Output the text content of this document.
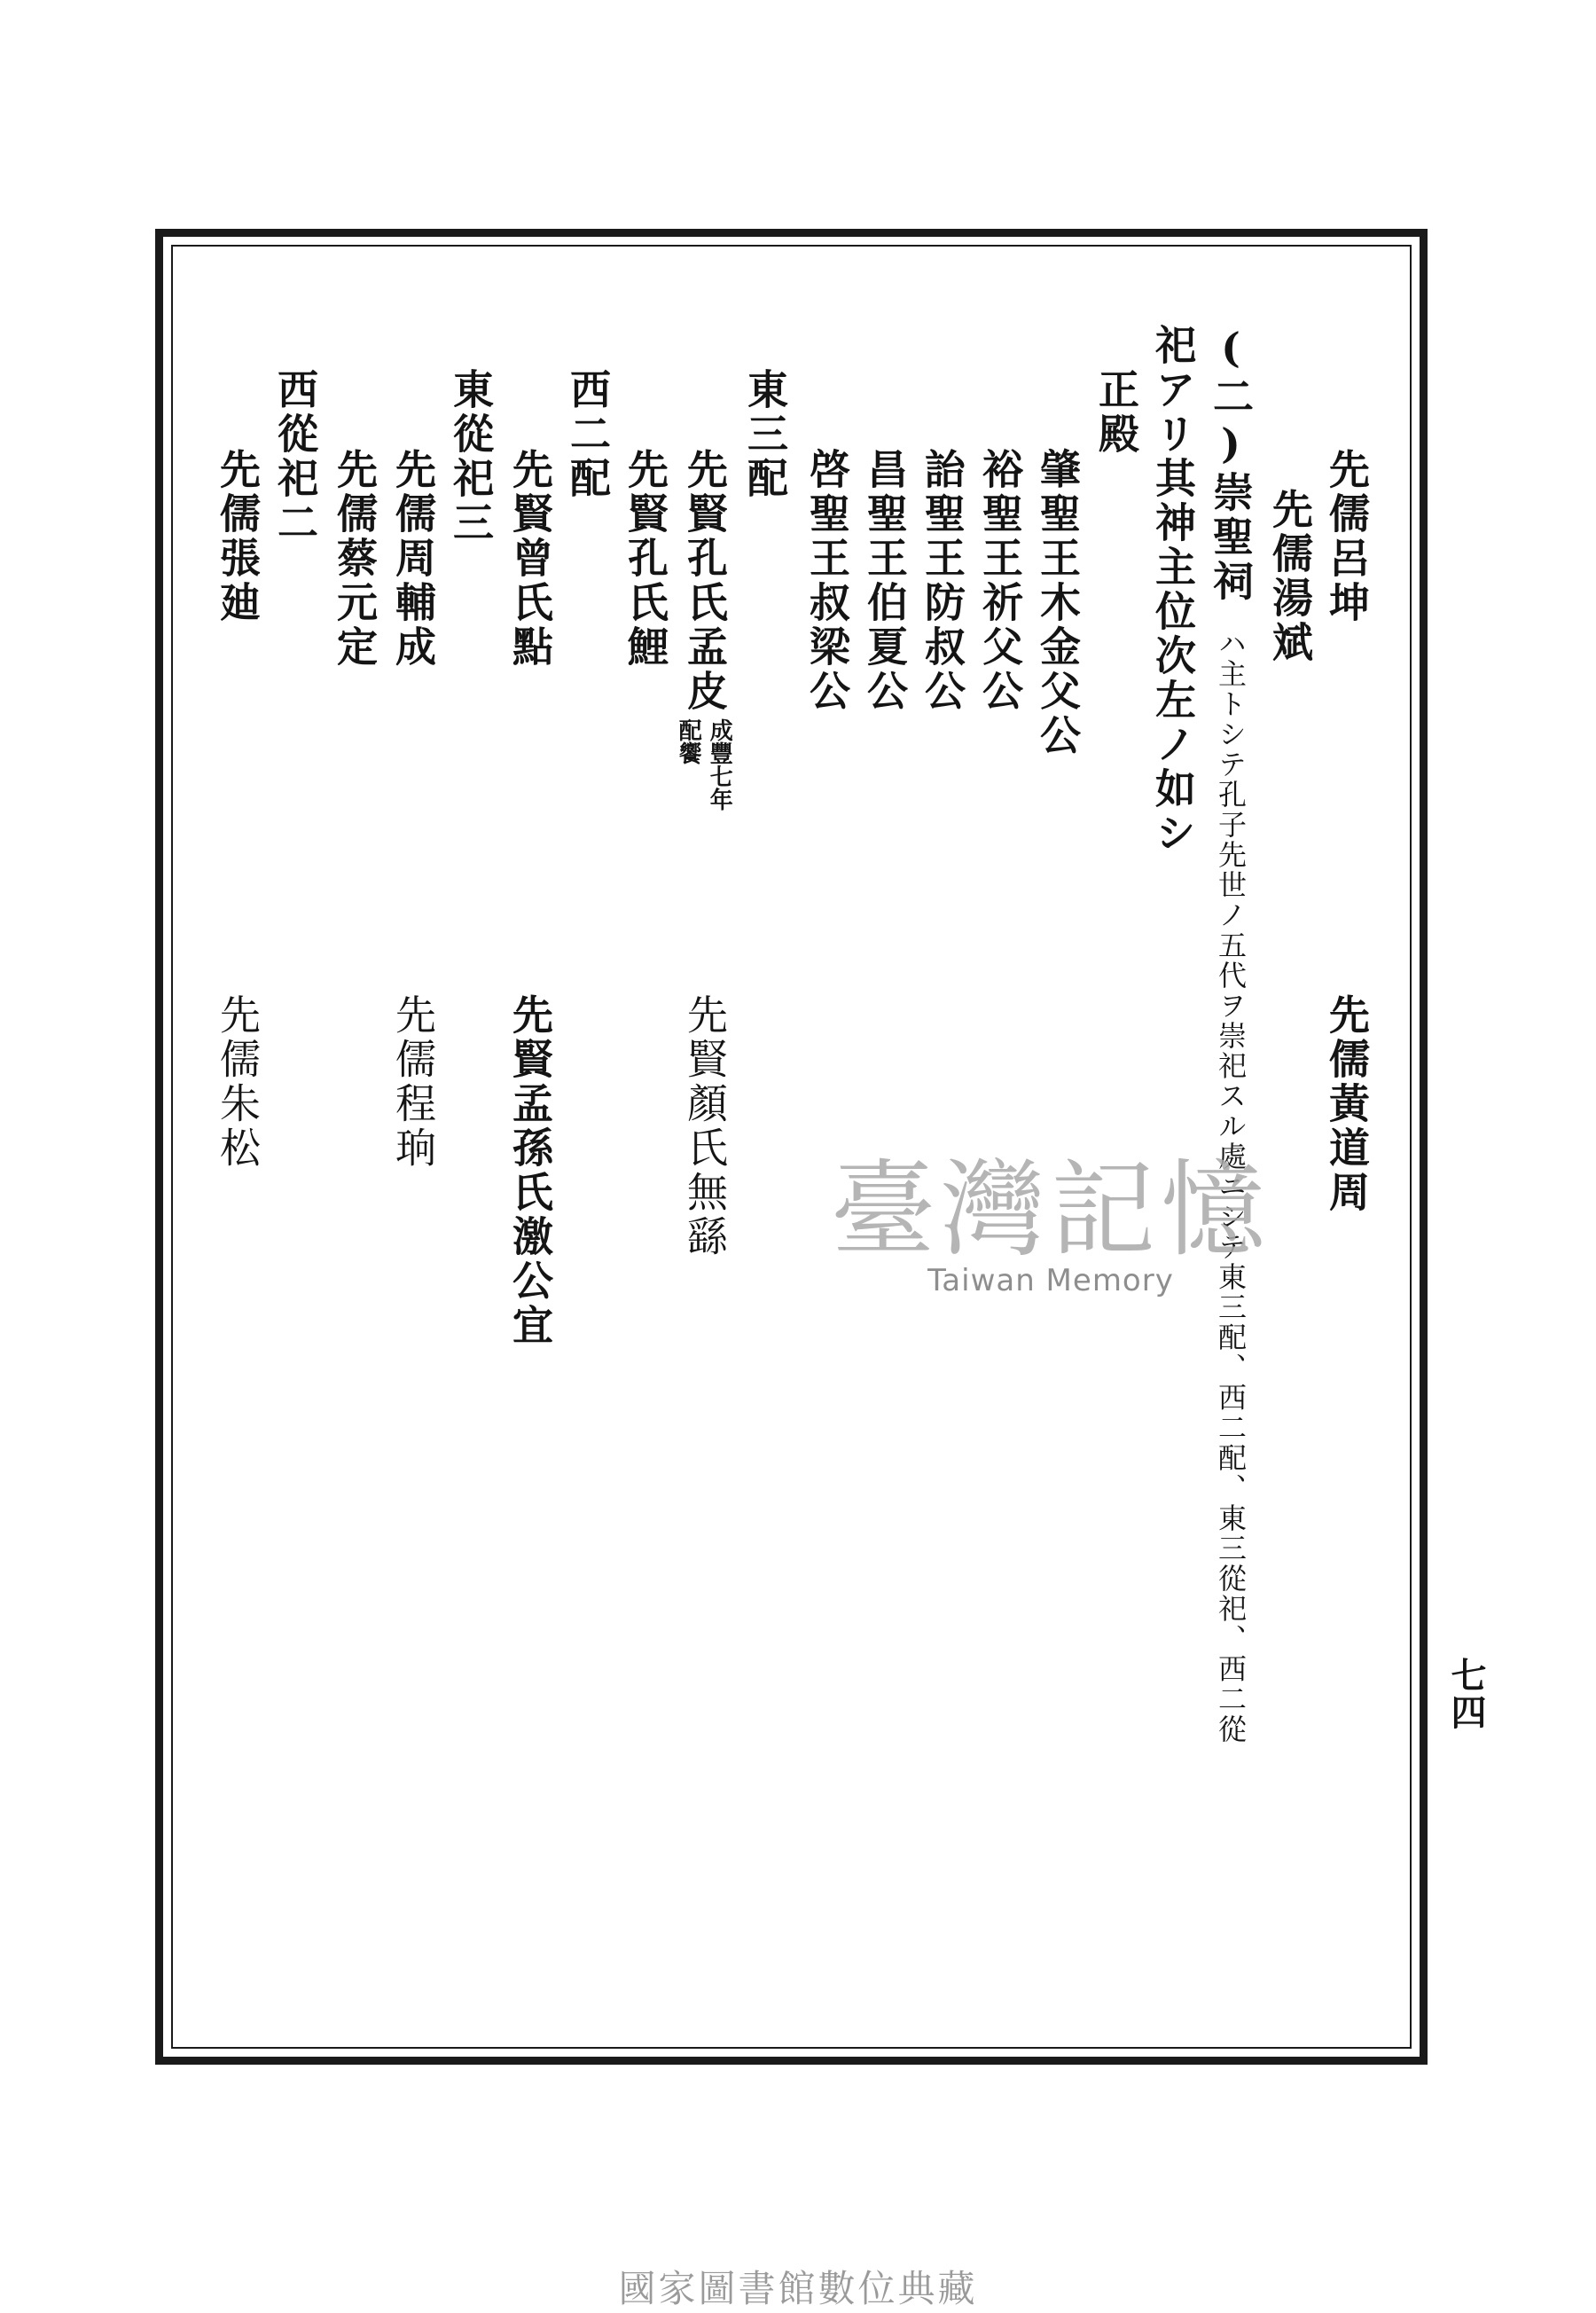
先儒呂坤
先儒黃道周
先儒湯斌
(二)崇聖祠ハ主トシテ孔子先世ノ五代ヲ崇祀スル處ニシテ東三配、西二配、東三從祀、西二從
祀アリ其神主位次左ノ如シ
正殿
肇聖王木金父公
裕聖王祈父公
詒聖王防叔公
昌聖王伯夏公
啓聖王叔梁公
東三配
先賢孔氏孟皮
成豐七年
配饗
先賢顏氏無繇
先賢孔氏鯉
西二配
先賢曾氏點
先賢孟孫氏激公宜
東從祀三
先儒周輔成
先儒程珦
先儒蔡元定
西從祀二
先儒張廸
先儒朱松
七四
臺灣記憶
Taiwan Memory
國家圖書館數位典藏
